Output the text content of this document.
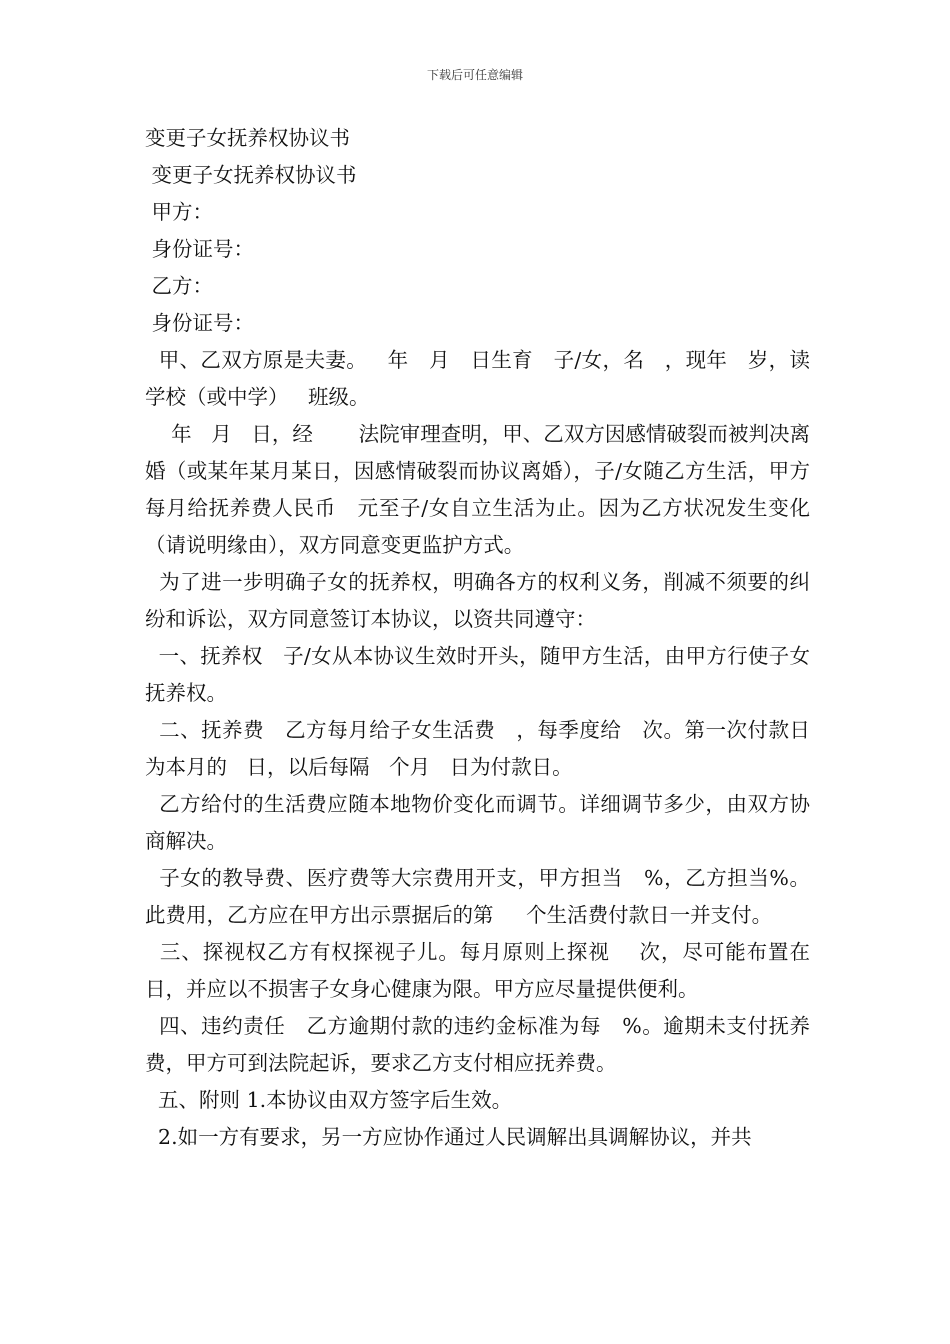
下载后可任意编辑
变更子女抚养权协议书
变更子女抚养权协议书
甲方：
身份证号：
乙方：
身份证号：

甲、乙双方原是夫妻。   年   月   日生育   子/女，名   ，现年   岁，读学校（或中学）   班级。

年   月   日，经       法院审理查明，甲、乙双方因感情破裂而被判决离婚（或某年某月某日，因感情破裂而协议离婚），子/女随乙方生活，甲方每月给抚养费人民币   元至子/女自立生活为止。因为乙方状况发生变化（请说明缘由），双方同意变更监护方式。

为了进一步明确子女的抚养权，明确各方的权利义务，削减不须要的纠纷和诉讼，双方同意签订本协议，以资共同遵守：

一、抚养权   子/女从本协议生效时开头，随甲方生活，由甲方行使子女抚养权。

二、抚养费   乙方每月给子女生活费   ，每季度给   次。第一次付款日为本月的   日，以后每隔   个月   日为付款日。

乙方给付的生活费应随本地物价变化而调节。详细调节多少，由双方协商解决。

子女的教导费、医疗费等大宗费用开支，甲方担当   %，乙方担当%。此费用，乙方应在甲方出示票据后的第     个生活费付款日一并支付。

三、探视权乙方有权探视子儿。每月原则上探视    次，尽可能布置在   日，并应以不损害子女身心健康为限。甲方应尽量提供便利。

四、违约责任   乙方逾期付款的违约金标准为每   %。逾期未支付抚养费，甲方可到法院起诉，要求乙方支付相应抚养费。

五、附则 1.本协议由双方签字后生效。

2.如一方有要求，另一方应协作通过人民调解出具调解协议，并共
